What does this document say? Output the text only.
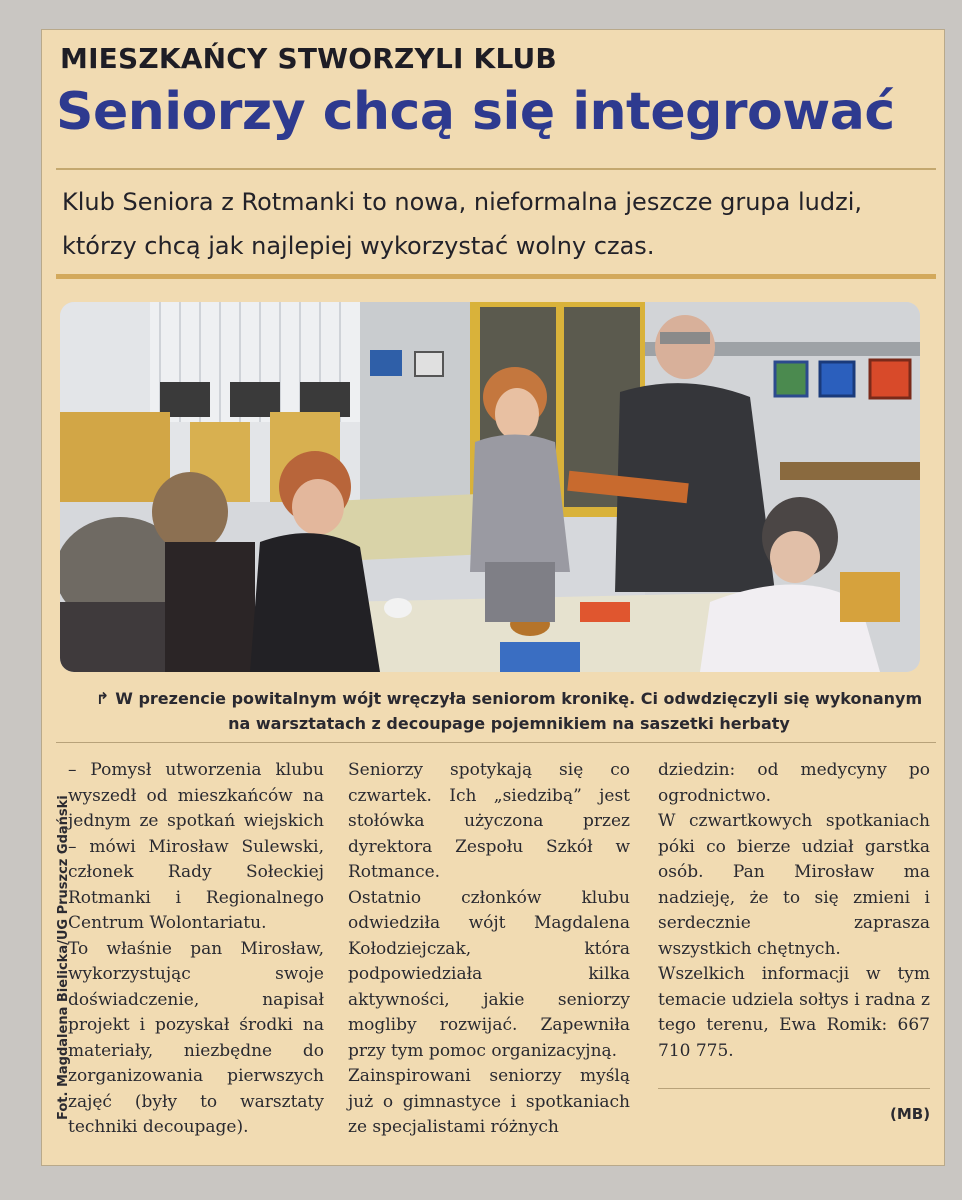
MIESZKAŃCY STWORZYLI KLUB
Seniorzy chcą się integrować
Klub Seniora z Rotmanki to nowa, nieformalna jeszcze grupa ludzi, którzy chcą jak najlepiej wykorzystać wolny czas.
Fot. Magdalena Bielicka/UG Pruszcz Gdański
↱ W prezencie powitalnym wójt wręczyła seniorom kronikę. Ci odwdzięczyli się wykonanym na warsztatach z decoupage pojemnikiem na saszetki herbaty

– Pomysł utworzenia klubu wyszedł od mieszkańców na jednym ze spotkań wiejskich – mówi Mirosław Sulewski, członek Rady Sołeckiej Rotmanki i Regionalnego Centrum Wolontariatu.

To właśnie pan Mirosław, wykorzystując swoje doświadczenie, napisał projekt i pozyskał środki na materiały, niezbędne do zorganizowania pierwszych zajęć (były to warsztaty techniki decoupage).

Seniorzy spotykają się co czwartek. Ich „siedzibą” jest stołówka użyczona przez dyrektora Zespołu Szkół w Rotmance.

Ostatnio członków klubu odwiedziła wójt Magdalena Kołodziejczak, która podpowiedziała kilka aktywności, jakie seniorzy mogliby rozwijać. Zapewniła przy tym pomoc organizacyjną.

Zainspirowani seniorzy myślą już o gimnastyce i spotkaniach ze specjalistami różnych

dziedzin: od medycyny po ogrodnictwo.

W czwartkowych spotkaniach póki co bierze udział garstka osób. Pan Mirosław ma nadzieję, że to się zmieni i serdecznie zaprasza wszystkich chętnych.

Wszelkich informacji w tym temacie udziela sołtys i radna z tego terenu, Ewa Romik: 667 710 775.

(MB)
